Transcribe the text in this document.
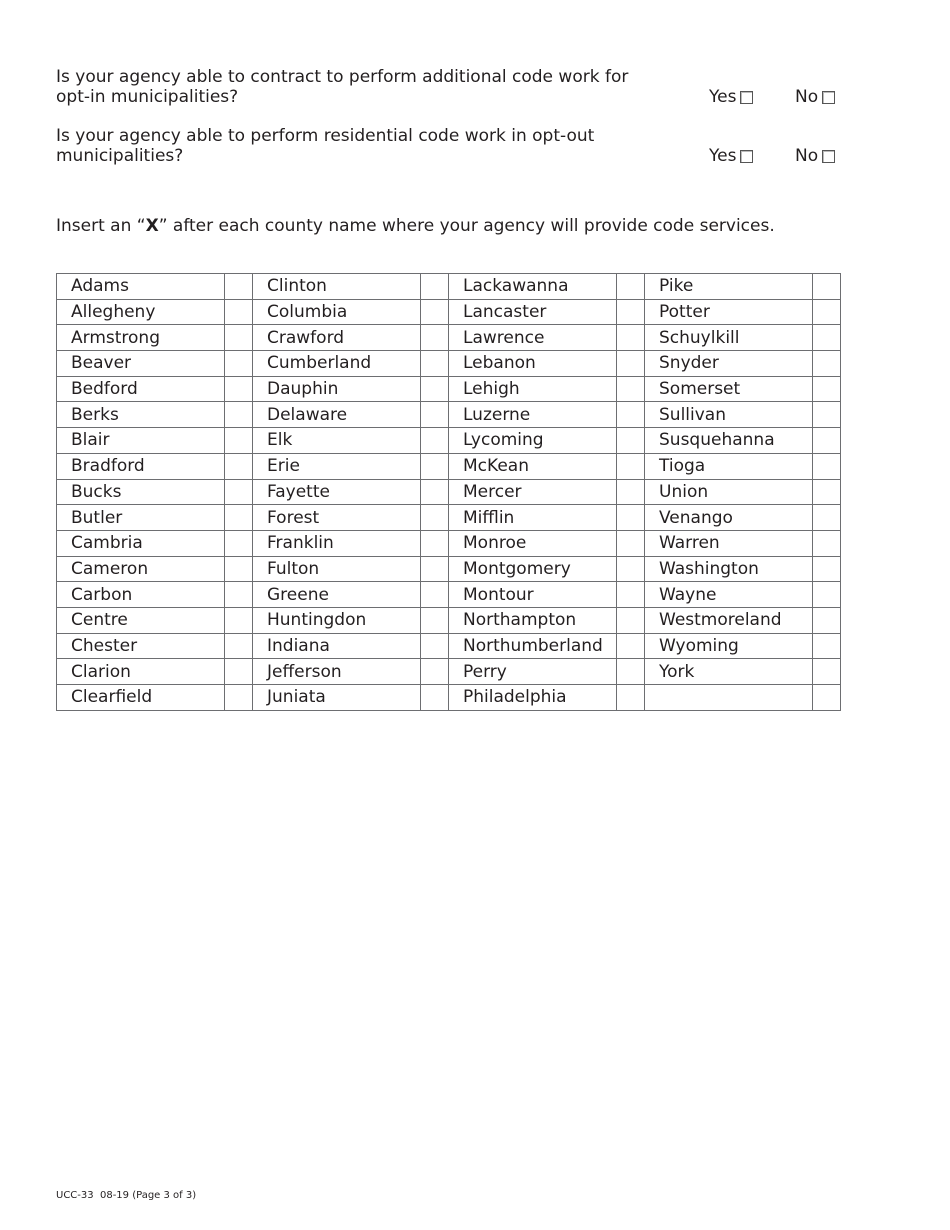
Is your agency able to contract to perform additional code work for opt-in municipalities?	Yes	No
Is your agency able to perform residential code work in opt-out municipalities?	Yes	No
Insert an “X” after each county name where your agency will provide code services.
Adams		Clinton		Lackawanna		Pike	
Allegheny		Columbia		Lancaster		Potter	
Armstrong		Crawford		Lawrence		Schuylkill	
Beaver		Cumberland		Lebanon		Snyder	
Bedford		Dauphin		Lehigh		Somerset	
Berks		Delaware		Luzerne		Sullivan	
Blair		Elk		Lycoming		Susquehanna	
Bradford		Erie		McKean		Tioga	
Bucks		Fayette		Mercer		Union	
Butler		Forest		Mifflin		Venango	
Cambria		Franklin		Monroe		Warren	
Cameron		Fulton		Montgomery		Washington	
Carbon		Greene		Montour		Wayne	
Centre		Huntingdon		Northampton		Westmoreland	
Chester		Indiana		Northumberland		Wyoming	
Clarion		Jefferson		Perry		York	
Clearfield		Juniata		Philadelphia			
UCC-33  08-19 (Page 3 of 3)
